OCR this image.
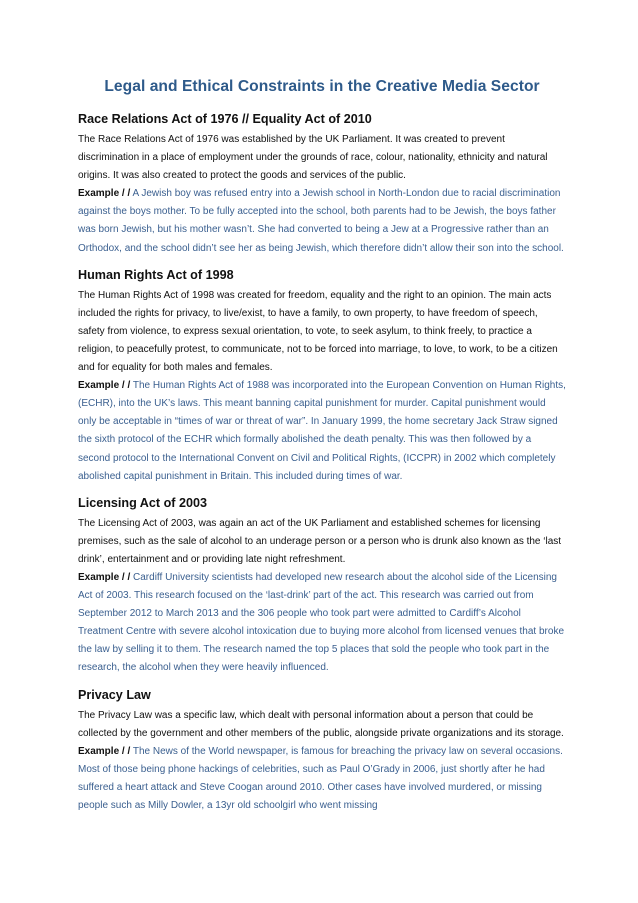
Legal and Ethical Constraints in the Creative Media Sector
Race Relations Act of 1976 // Equality Act of 2010

The Race Relations Act of 1976 was established by the UK Parliament. It was created to prevent discrimination in a place of employment under the grounds of race, colour, nationality, ethnicity and natural origins. It was also created to protect the goods and services of the public.

Example / / A Jewish boy was refused entry into a Jewish school in North-London due to racial discrimination against the boys mother. To be fully accepted into the school, both parents had to be Jewish, the boys father was born Jewish, but his mother wasn’t. She had converted to being a Jew at a Progressive rather than an Orthodox, and the school didn’t see her as being Jewish, which therefore didn’t allow their son into the school.

Human Rights Act of 1998

The Human Rights Act of 1998 was created for freedom, equality and the right to an opinion. The main acts included the rights for privacy, to live/exist, to have a family, to own property, to have freedom of speech, safety from violence, to express sexual orientation, to vote, to seek asylum, to think freely, to practice a religion, to peacefully protest, to communicate, not to be forced into marriage, to love, to work, to be a citizen and for equality for both males and females.

Example / / The Human Rights Act of 1988 was incorporated into the European Convention on Human Rights, (ECHR), into the UK’s laws. This meant banning capital punishment for murder. Capital punishment would only be acceptable in “times of war or threat of war”. In January 1999, the home secretary Jack Straw signed the sixth protocol of the ECHR which formally abolished the death penalty. This was then followed by a second protocol to the International Convent on Civil and Political Rights, (ICCPR) in 2002 which completely abolished capital punishment in Britain. This included during times of war.

Licensing Act of 2003

The Licensing Act of 2003, was again an act of the UK Parliament and established schemes for licensing premises, such as the sale of alcohol to an underage person or a person who is drunk also known as the ‘last drink’, entertainment and or providing late night refreshment.

Example / / Cardiff University scientists had developed new research about the alcohol side of the Licensing Act of 2003. This research focused on the ‘last-drink’ part of the act. This research was carried out from September 2012 to March 2013 and the 306 people who took part were admitted to Cardiff’s Alcohol Treatment Centre with severe alcohol intoxication due to buying more alcohol from licensed venues that broke the law by selling it to them. The research named the top 5 places that sold the people who took part in the research, the alcohol when they were heavily influenced.

Privacy Law

The Privacy Law was a specific law, which dealt with personal information about a person that could be collected by the government and other members of the public, alongside private organizations and its storage.

Example / / The News of the World newspaper, is famous for breaching the privacy law on several occasions. Most of those being phone hackings of celebrities, such as Paul O’Grady in 2006, just shortly after he had suffered a heart attack and Steve Coogan around 2010. Other cases have involved murdered, or missing people such as Milly Dowler, a 13yr old schoolgirl who went missing
